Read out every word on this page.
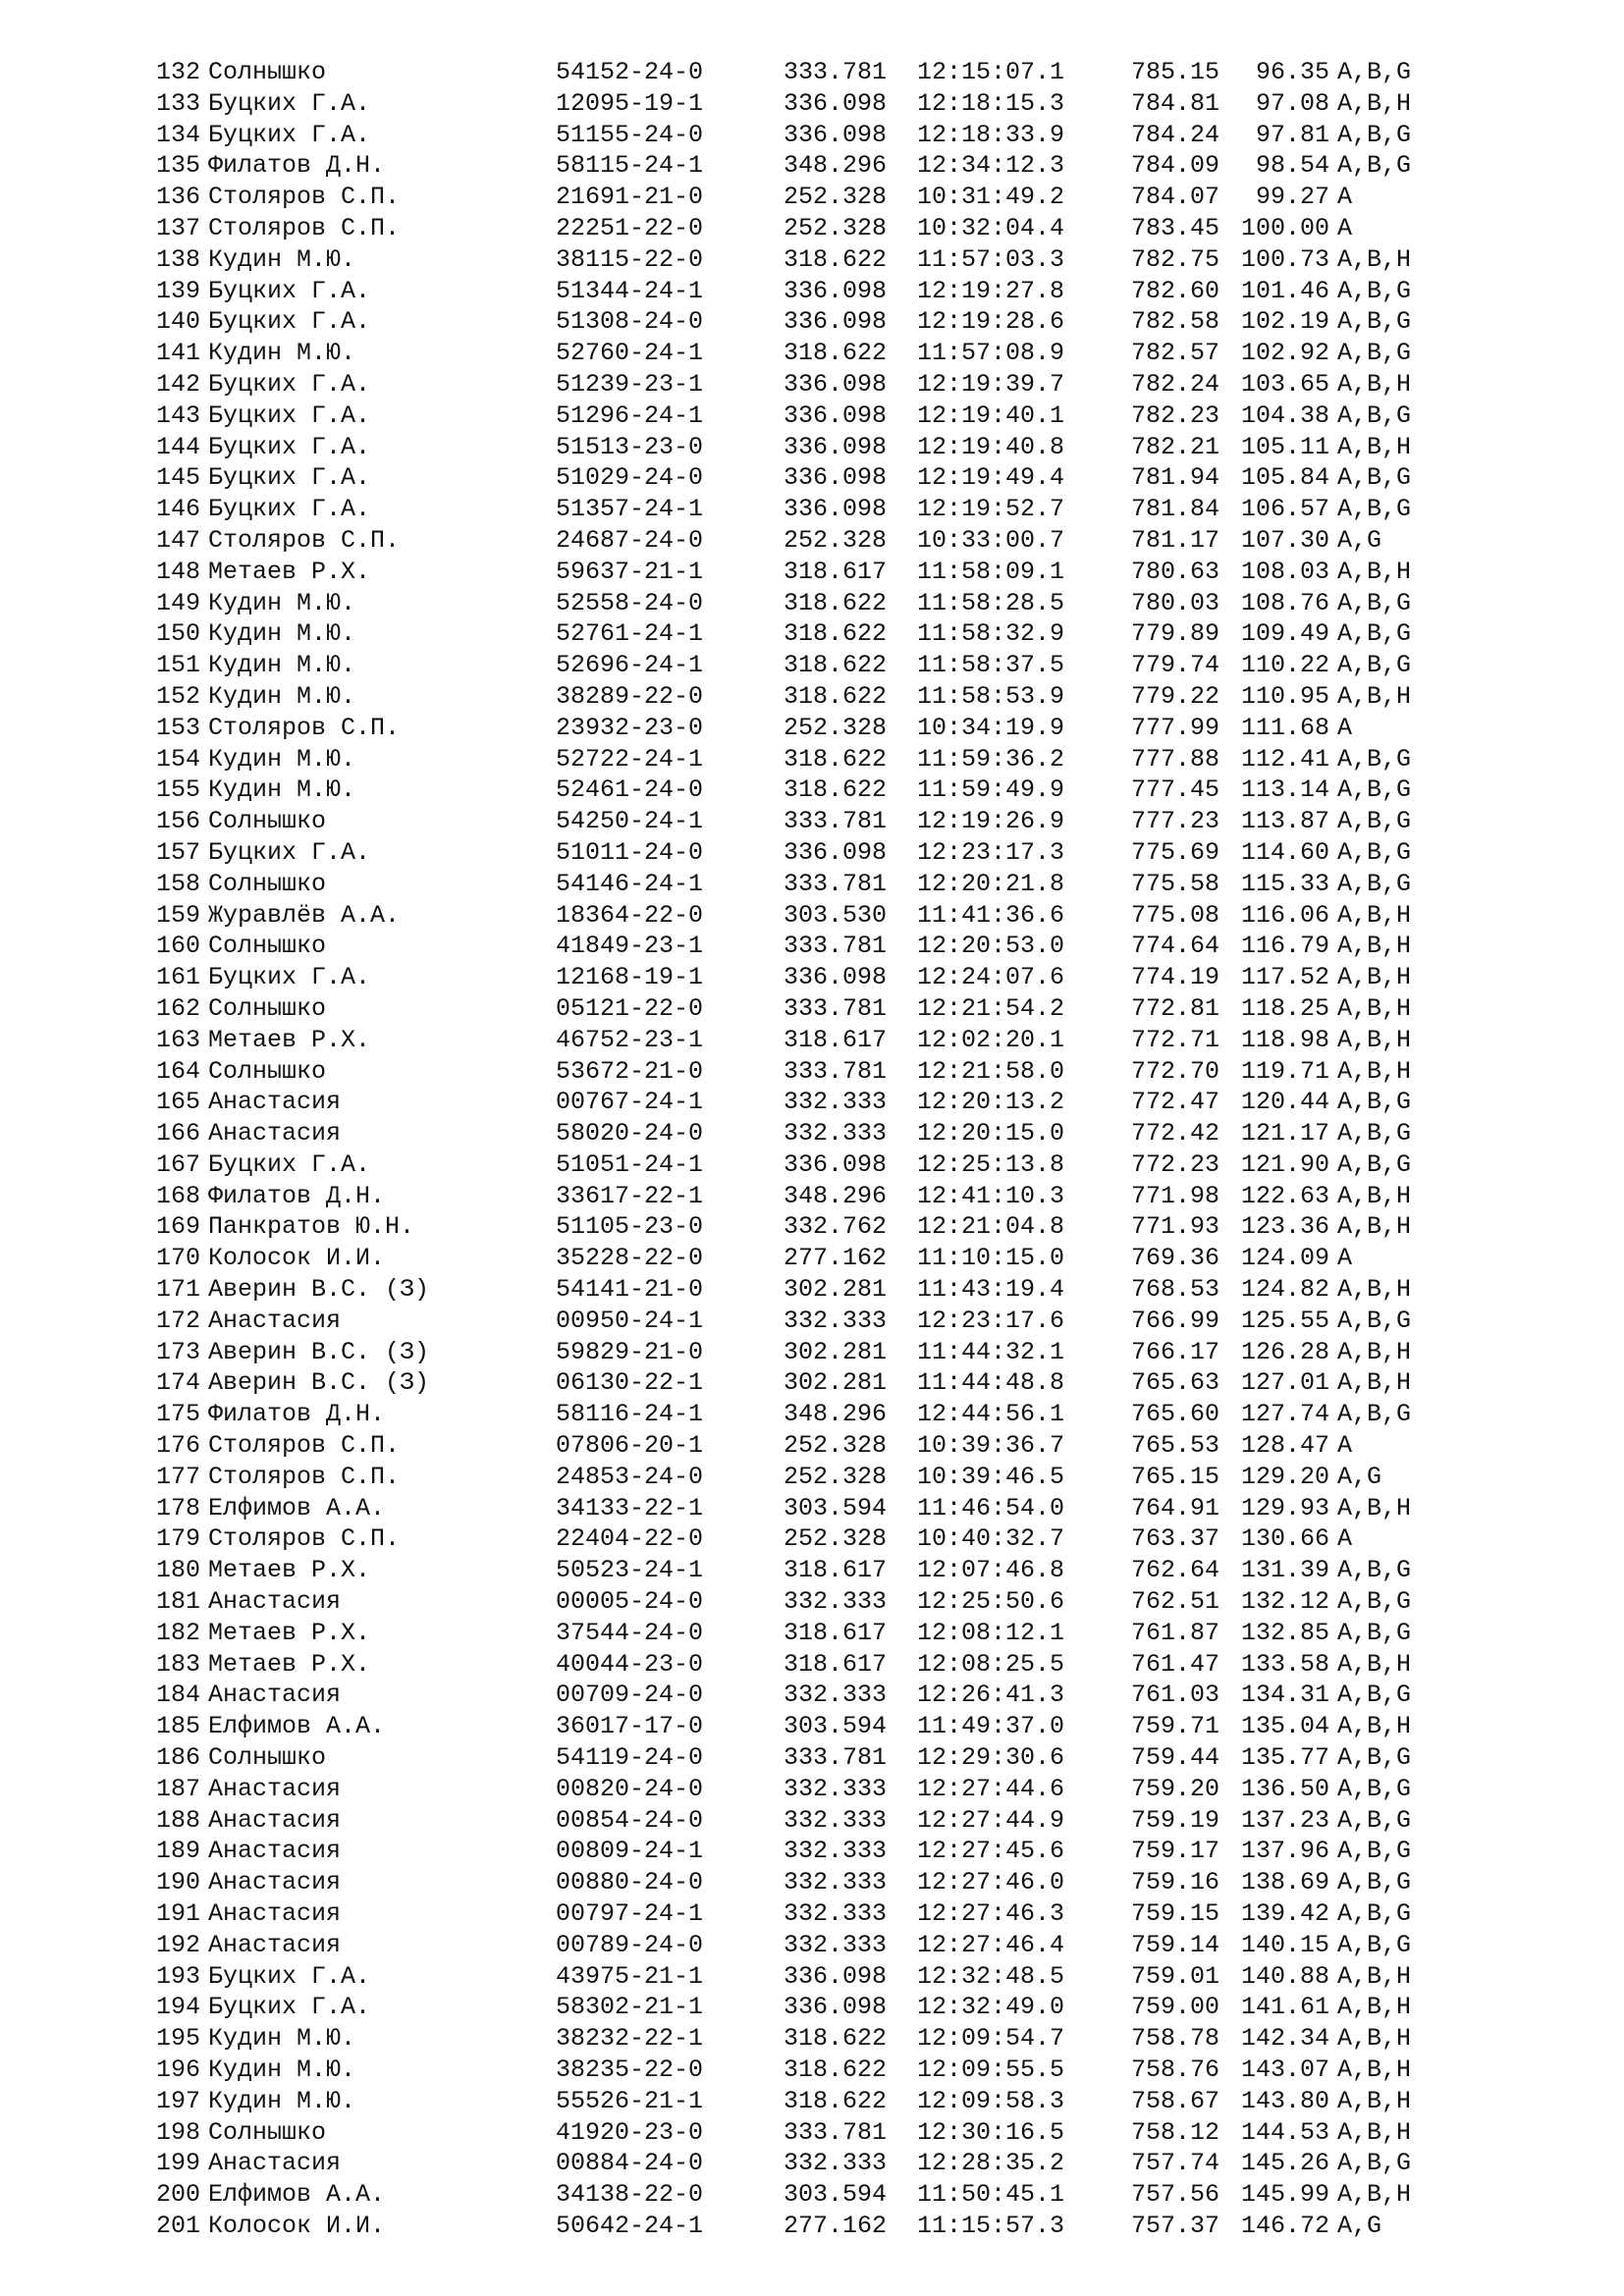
132 Солнышко	54152-24-0	333.781 12:15:07.1	785.15	96.35 A,B,G
133 Буцких Г.А.	12095-19-1	336.098 12:18:15.3	784.81	97.08 A,B,H
134 Буцких Г.А.	51155-24-0	336.098 12:18:33.9	784.24	97.81 A,B,G
135 Филатов Д.Н.	58115-24-1	348.296 12:34:12.3	784.09	98.54 A,B,G
136 Столяров С.П.	21691-21-0	252.328 10:31:49.2	784.07	99.27 A
137 Столяров С.П.	22251-22-0	252.328 10:32:04.4	783.45 100.00 A
138 Кудин М.Ю.	38115-22-0	318.622 11:57:03.3	782.75 100.73 A,B,H
139 Буцких Г.А.	51344-24-1	336.098 12:19:27.8	782.60 101.46 A,B,G
140 Буцких Г.А.	51308-24-0	336.098 12:19:28.6	782.58 102.19 A,B,G
141 Кудин М.Ю.	52760-24-1	318.622 11:57:08.9	782.57 102.92 A,B,G
142 Буцких Г.А.	51239-23-1	336.098 12:19:39.7	782.24 103.65 A,B,H
143 Буцких Г.А.	51296-24-1	336.098 12:19:40.1	782.23 104.38 A,B,G
144 Буцких Г.А.	51513-23-0	336.098 12:19:40.8	782.21 105.11 A,B,H
145 Буцких Г.А.	51029-24-0	336.098 12:19:49.4	781.94 105.84 A,B,G
146 Буцких Г.А.	51357-24-1	336.098 12:19:52.7	781.84 106.57 A,B,G
147 Столяров С.П.	24687-24-0	252.328 10:33:00.7	781.17 107.30 A,G
148 Метаев Р.Х.	59637-21-1	318.617 11:58:09.1	780.63 108.03 A,B,H
149 Кудин М.Ю.	52558-24-0	318.622 11:58:28.5	780.03 108.76 A,B,G
150 Кудин М.Ю.	52761-24-1	318.622 11:58:32.9	779.89 109.49 A,B,G
151 Кудин М.Ю.	52696-24-1	318.622 11:58:37.5	779.74 110.22 A,B,G
152 Кудин М.Ю.	38289-22-0	318.622 11:58:53.9	779.22 110.95 A,B,H
153 Столяров С.П.	23932-23-0	252.328 10:34:19.9	777.99 111.68 A
154 Кудин М.Ю.	52722-24-1	318.622 11:59:36.2	777.88 112.41 A,B,G
155 Кудин М.Ю.	52461-24-0	318.622 11:59:49.9	777.45 113.14 A,B,G
156 Солнышко	54250-24-1	333.781 12:19:26.9	777.23 113.87 A,B,G
157 Буцких Г.А.	51011-24-0	336.098 12:23:17.3	775.69 114.60 A,B,G
158 Солнышко	54146-24-1	333.781 12:20:21.8	775.58 115.33 A,B,G
159 Журавлёв А.А.	18364-22-0	303.530 11:41:36.6	775.08 116.06 A,B,H
160 Солнышко	41849-23-1	333.781 12:20:53.0	774.64 116.79 A,B,H
161 Буцких Г.А.	12168-19-1	336.098 12:24:07.6	774.19 117.52 A,B,H
162 Солнышко	05121-22-0	333.781 12:21:54.2	772.81 118.25 A,B,H
163 Метаев Р.Х.	46752-23-1	318.617 12:02:20.1	772.71 118.98 A,B,H
164 Солнышко	53672-21-0	333.781 12:21:58.0	772.70 119.71 A,B,H
165 Анастасия	00767-24-1	332.333 12:20:13.2	772.47 120.44 A,B,G
166 Анастасия	58020-24-0	332.333 12:20:15.0	772.42 121.17 A,B,G
167 Буцких Г.А.	51051-24-1	336.098 12:25:13.8	772.23 121.90 A,B,G
168 Филатов Д.Н.	33617-22-1	348.296 12:41:10.3	771.98 122.63 A,B,H
169 Панкратов Ю.Н.	51105-23-0	332.762 12:21:04.8	771.93 123.36 A,B,H
170 Колосок И.И.	35228-22-0	277.162 11:10:15.0	769.36 124.09 A
171 Аверин В.С. (З)	54141-21-0	302.281 11:43:19.4	768.53 124.82 A,B,H
172 Анастасия	00950-24-1	332.333 12:23:17.6	766.99 125.55 A,B,G
173 Аверин В.С. (З)	59829-21-0	302.281 11:44:32.1	766.17 126.28 A,B,H
174 Аверин В.С. (З)	06130-22-1	302.281 11:44:48.8	765.63 127.01 A,B,H
175 Филатов Д.Н.	58116-24-1	348.296 12:44:56.1	765.60 127.74 A,B,G
176 Столяров С.П.	07806-20-1	252.328 10:39:36.7	765.53 128.47 A
177 Столяров С.П.	24853-24-0	252.328 10:39:46.5	765.15 129.20 A,G
178 Елфимов А.А.	34133-22-1	303.594 11:46:54.0	764.91 129.93 A,B,H
179 Столяров С.П.	22404-22-0	252.328 10:40:32.7	763.37 130.66 A
180 Метаев Р.Х.	50523-24-1	318.617 12:07:46.8	762.64 131.39 A,B,G
181 Анастасия	00005-24-0	332.333 12:25:50.6	762.51 132.12 A,B,G
182 Метаев Р.Х.	37544-24-0	318.617 12:08:12.1	761.87 132.85 A,B,G
183 Метаев Р.Х.	40044-23-0	318.617 12:08:25.5	761.47 133.58 A,B,H
184 Анастасия	00709-24-0	332.333 12:26:41.3	761.03 134.31 A,B,G
185 Елфимов А.А.	36017-17-0	303.594 11:49:37.0	759.71 135.04 A,B,H
186 Солнышко	54119-24-0	333.781 12:29:30.6	759.44 135.77 A,B,G
187 Анастасия	00820-24-0	332.333 12:27:44.6	759.20 136.50 A,B,G
188 Анастасия	00854-24-0	332.333 12:27:44.9	759.19 137.23 A,B,G
189 Анастасия	00809-24-1	332.333 12:27:45.6	759.17 137.96 A,B,G
190 Анастасия	00880-24-0	332.333 12:27:46.0	759.16 138.69 A,B,G
191 Анастасия	00797-24-1	332.333 12:27:46.3	759.15 139.42 A,B,G
192 Анастасия	00789-24-0	332.333 12:27:46.4	759.14 140.15 A,B,G
193 Буцких Г.А.	43975-21-1	336.098 12:32:48.5	759.01 140.88 A,B,H
194 Буцких Г.А.	58302-21-1	336.098 12:32:49.0	759.00 141.61 A,B,H
195 Кудин М.Ю.	38232-22-1	318.622 12:09:54.7	758.78 142.34 A,B,H
196 Кудин М.Ю.	38235-22-0	318.622 12:09:55.5	758.76 143.07 A,B,H
197 Кудин М.Ю.	55526-21-1	318.622 12:09:58.3	758.67 143.80 A,B,H
198 Солнышко	41920-23-0	333.781 12:30:16.5	758.12 144.53 A,B,H
199 Анастасия	00884-24-0	332.333 12:28:35.2	757.74 145.26 A,B,G
200 Елфимов А.А.	34138-22-0	303.594 11:50:45.1	757.56 145.99 A,B,H
201 Колосок И.И.	50642-24-1	277.162 11:15:57.3	757.37 146.72 A,G
